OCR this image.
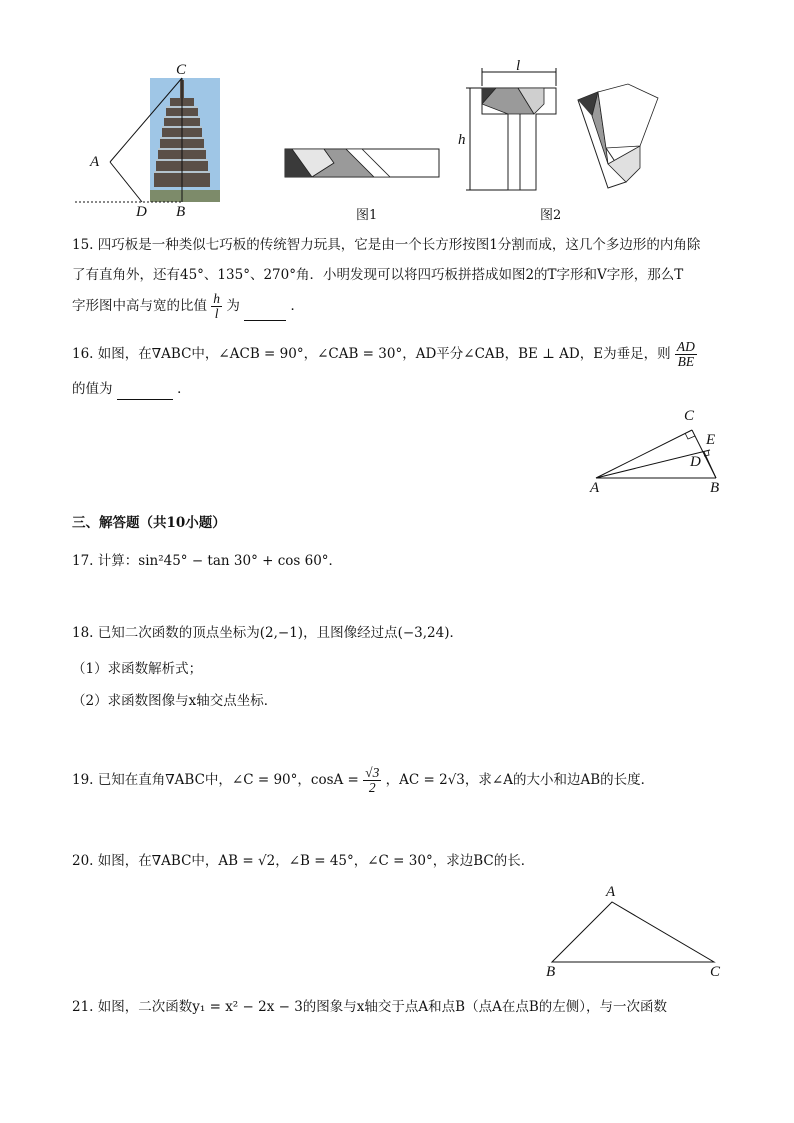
C
A
D B	图1
l
h
图2
15. 四巧板是一种类似七巧板的传统智力玩具，它是由一个长方形按图1分割而成，这几个多边形的内角除
了有直角外，还有45°、135°、270°角．小明发现可以将四巧板拼搭成如图2的T字形和V字形，那么T
字形图中高与宽的比值 $\frac{h}{l}$ 为	．
16. 如图，在∇ABC中，∠ACB = 90°，∠CAB = 30°，AD平分∠CAB，BE ⊥ AD，E为垂足，则 $\frac{AD}{BE}$
的值为	．
C
E
D
A	B
三、解答题（共10小题）
17. 计算：sin²45° − tan 30° + cos 60°．
18. 已知二次函数的顶点坐标为(2,−1)，且图像经过点(−3,24)．
（1）求函数解析式；
（2）求函数图像与x轴交点坐标．
19. 已知在直角∇ABC中，∠C = 90°，$\cos A = \frac{√3}{2}$ ，AC = 2√3，求∠A的大小和边AB的长度．
20. 如图，在∇ABC中，AB = √2，∠B = 45°，∠C = 30°，求边BC的长．
A
B	C
21. 如图，二次函数y₁ = x² − 2x − 3的图象与x轴交于点A和点B（点A在点B的左侧），与一次函数
